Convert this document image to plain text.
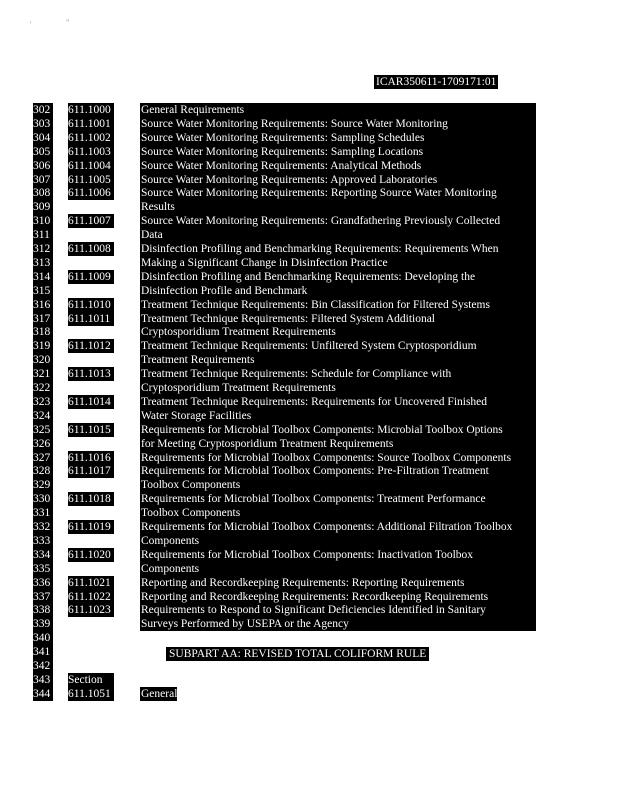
'	"
ICAR350611-1709171:01
302 611.1000	General Requirements
303 611.1001	Source Water Monitoring Requirements: Source Water Monitoring
304 611.1002	Source Water Monitoring Requirements: Sampling Schedules
305 611.1003	Source Water Monitoring Requirements: Sampling Locations
306 611.1004	Source Water Monitoring Requirements: Analytical Methods
307 611.1005	Source Water Monitoring Requirements: Approved Laboratories
308 611.1006	Source Water Monitoring Requirements: Reporting Source Water Monitoring
309	Results
310 611.1007	Source Water Monitoring Requirements: Grandfathering Previously Collected
311	Data
312 611.1008	Disinfection Profiling and Benchmarking Requirements: Requirements When
313	Making a Significant Change in Disinfection Practice
314 611.1009	Disinfection Profiling and Benchmarking Requirements: Developing the
315	Disinfection Profile and Benchmark
316 611.1010	Treatment Technique Requirements: Bin Classification for Filtered Systems
317 611.1011	Treatment Technique Requirements: Filtered System Additional
318	Cryptosporidium Treatment Requirements
319 611.1012	Treatment Technique Requirements: Unfiltered System Cryptosporidium
320	Treatment Requirements
321 611.1013	Treatment Technique Requirements: Schedule for Compliance with
322	Cryptosporidium Treatment Requirements
323 611.1014	Treatment Technique Requirements: Requirements for Uncovered Finished
324	Water Storage Facilities
325 611.1015	Requirements for Microbial Toolbox Components: Microbial Toolbox Options
326	for Meeting Cryptosporidium Treatment Requirements
327 611.1016	Requirements for Microbial Toolbox Components: Source Toolbox Components
328 611.1017	Requirements for Microbial Toolbox Components: Pre-Filtration Treatment
329	Toolbox Components
330 611.1018	Requirements for Microbial Toolbox Components: Treatment Performance
331	Toolbox Components
332 611.1019	Requirements for Microbial Toolbox Components: Additional Filtration Toolbox
333	Components
334 611.1020	Requirements for Microbial Toolbox Components: Inactivation Toolbox
335	Components
336 611.1021	Reporting and Recordkeeping Requirements: Reporting Requirements
337 611.1022	Reporting and Recordkeeping Requirements: Recordkeeping Requirements
338 611.1023	Requirements to Respond to Significant Deficiencies Identified in Sanitary
339	Surveys Performed by USEPA or the Agency
340
341
342
343 Section
344 611.1051	General
SUBPART AA: REVISED TOTAL COLIFORM RULE
